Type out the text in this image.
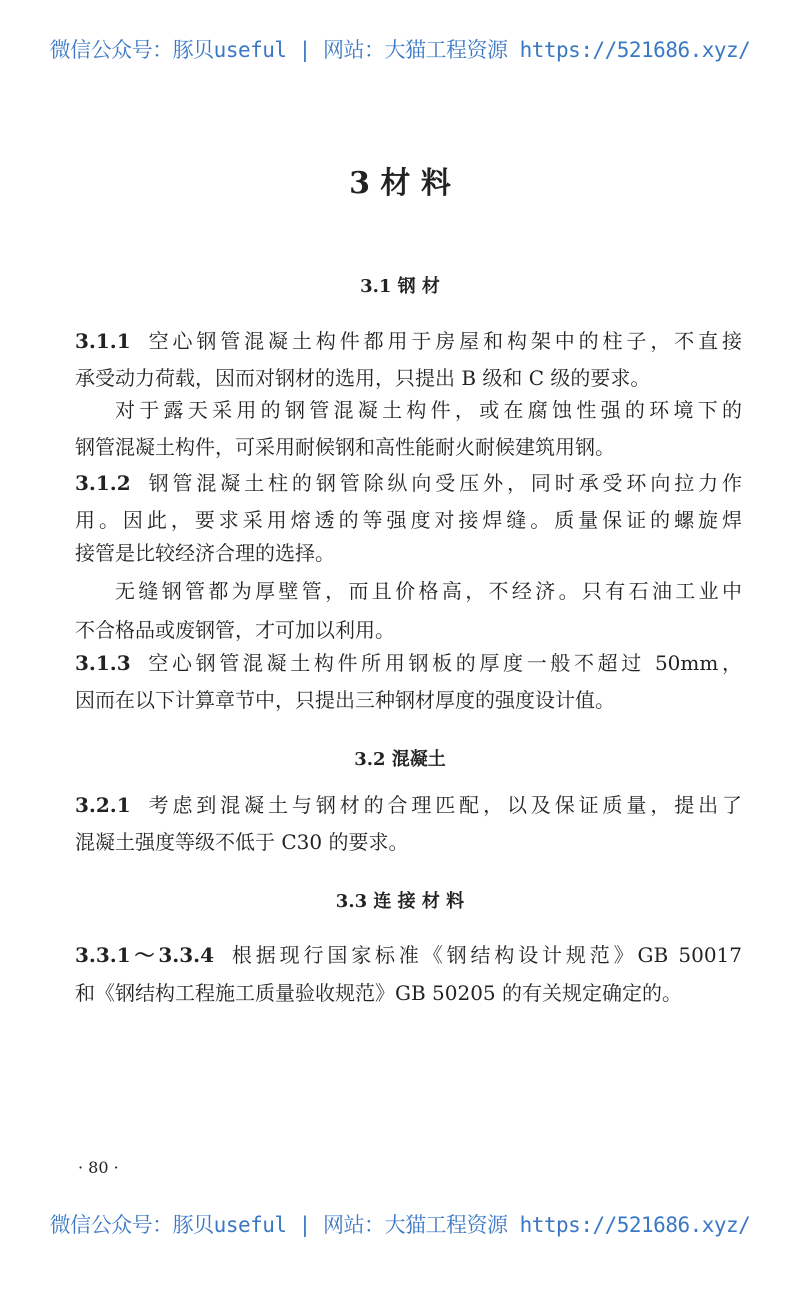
微信公众号：豚贝useful | 网站：大猫工程资源 https://521686.xyz/
3 材 料
3.1 钢 材
3.1.1 空心钢管混凝土构件都用于房屋和构架中的柱子，不直接
承受动力荷载，因而对钢材的选用，只提出 B 级和 C 级的要求。
对于露天采用的钢管混凝土构件，或在腐蚀性强的环境下的
钢管混凝土构件，可采用耐候钢和高性能耐火耐候建筑用钢。
3.1.2 钢管混凝土柱的钢管除纵向受压外，同时承受环向拉力作
用。因此，要求采用熔透的等强度对接焊缝。质量保证的螺旋焊
接管是比较经济合理的选择。
无缝钢管都为厚壁管，而且价格高，不经济。只有石油工业中
不合格品或废钢管，才可加以利用。
3.1.3 空心钢管混凝土构件所用钢板的厚度一般不超过 50mm，
因而在以下计算章节中，只提出三种钢材厚度的强度设计值。
3.2 混凝土
3.2.1 考虑到混凝土与钢材的合理匹配，以及保证质量，提出了
混凝土强度等级不低于 C30 的要求。
3.3 连 接 材 料
3.3.1～3.3.4 根据现行国家标准《钢结构设计规范》GB 50017
和《钢结构工程施工质量验收规范》GB 50205 的有关规定确定的。
· 80 ·
微信公众号：豚贝useful | 网站：大猫工程资源 https://521686.xyz/
